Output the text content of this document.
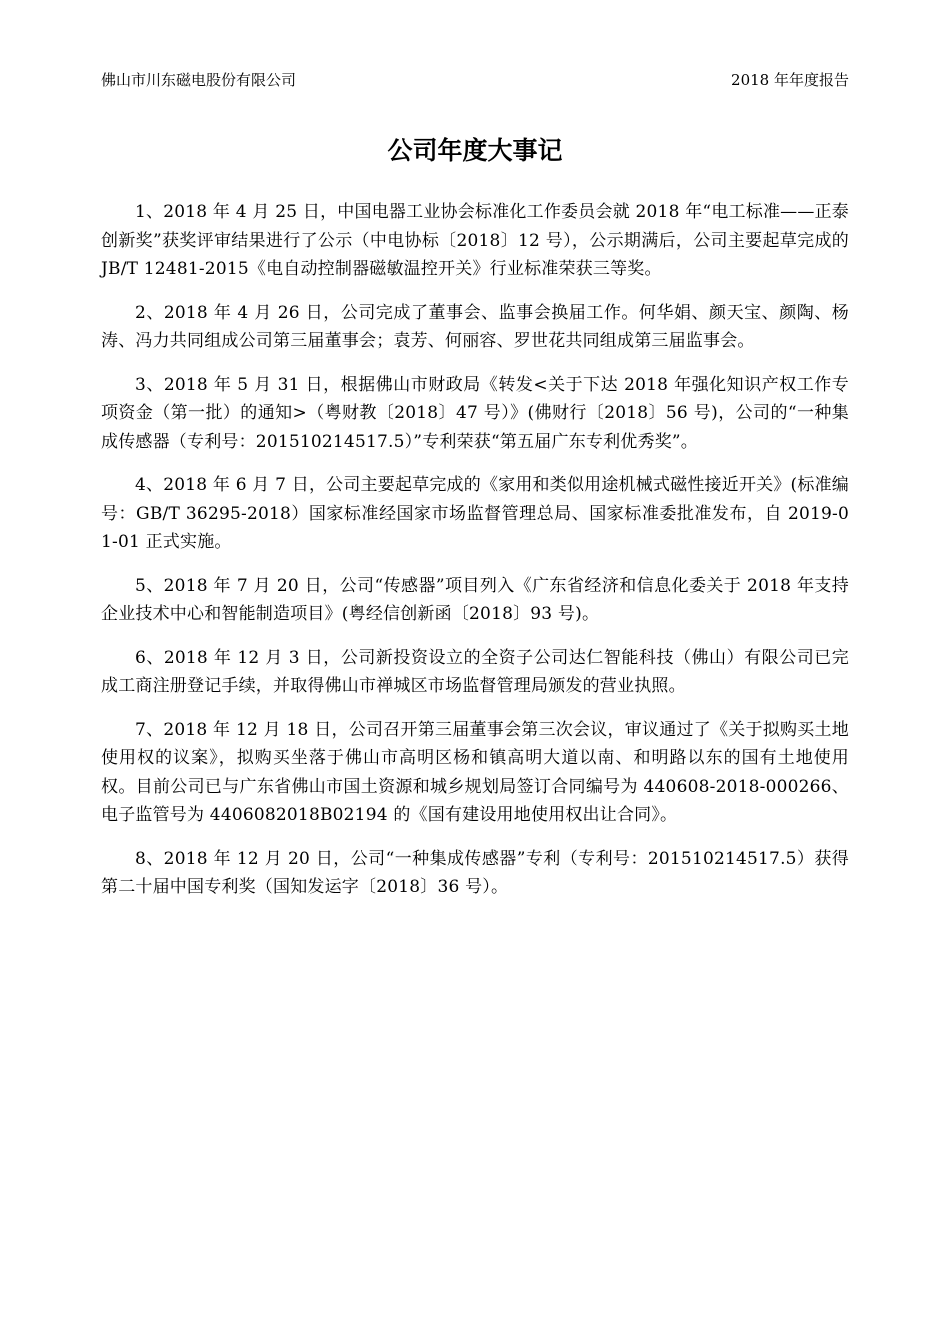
佛山市川东磁电股份有限公司	2018 年年度报告
公司年度大事记

1、2018 年 4 月 25 日，中国电器工业协会标准化工作委员会就 2018 年“电工标准——正泰创新奖”获奖评审结果进行了公示（中电协标〔2018〕12 号），公示期满后，公司主要起草完成的 JB/T 12481-2015《电自动控制器磁敏温控开关》行业标准荣获三等奖。

2、2018 年 4 月 26 日，公司完成了董事会、监事会换届工作。何华娟、颜天宝、颜陶、杨涛、冯力共同组成公司第三届董事会；袁芳、何丽容、罗世花共同组成第三届监事会。

3、2018 年 5 月 31 日，根据佛山市财政局《转发<关于下达 2018 年强化知识产权工作专项资金（第一批）的通知>（粤财教〔2018〕47 号）》(佛财行〔2018〕56 号)，公司的“一种集成传感器（专利号：201510214517.5）”专利荣获“第五届广东专利优秀奖”。

4、2018 年 6 月 7 日，公司主要起草完成的《家用和类似用途机械式磁性接近开关》(标准编号：GB/T 36295-2018）国家标准经国家市场监督管理总局、国家标准委批准发布，自 2019-01-01 正式实施。

5、2018 年 7 月 20 日，公司“传感器”项目列入《广东省经济和信息化委关于 2018 年支持企业技术中心和智能制造项目》(粤经信创新函〔2018〕93 号)。

6、2018 年 12 月 3 日，公司新投资设立的全资子公司达仁智能科技（佛山）有限公司已完成工商注册登记手续，并取得佛山市禅城区市场监督管理局颁发的营业执照。

7、2018 年 12 月 18 日，公司召开第三届董事会第三次会议，审议通过了《关于拟购买土地使用权的议案》，拟购买坐落于佛山市高明区杨和镇高明大道以南、和明路以东的国有土地使用权。目前公司已与广东省佛山市国土资源和城乡规划局签订合同编号为 440608-2018-000266、电子监管号为 4406082018B02194 的《国有建设用地使用权出让合同》。

8、2018 年 12 月 20 日，公司“一种集成传感器”专利（专利号：201510214517.5）获得第二十届中国专利奖（国知发运字〔2018〕36 号）。
